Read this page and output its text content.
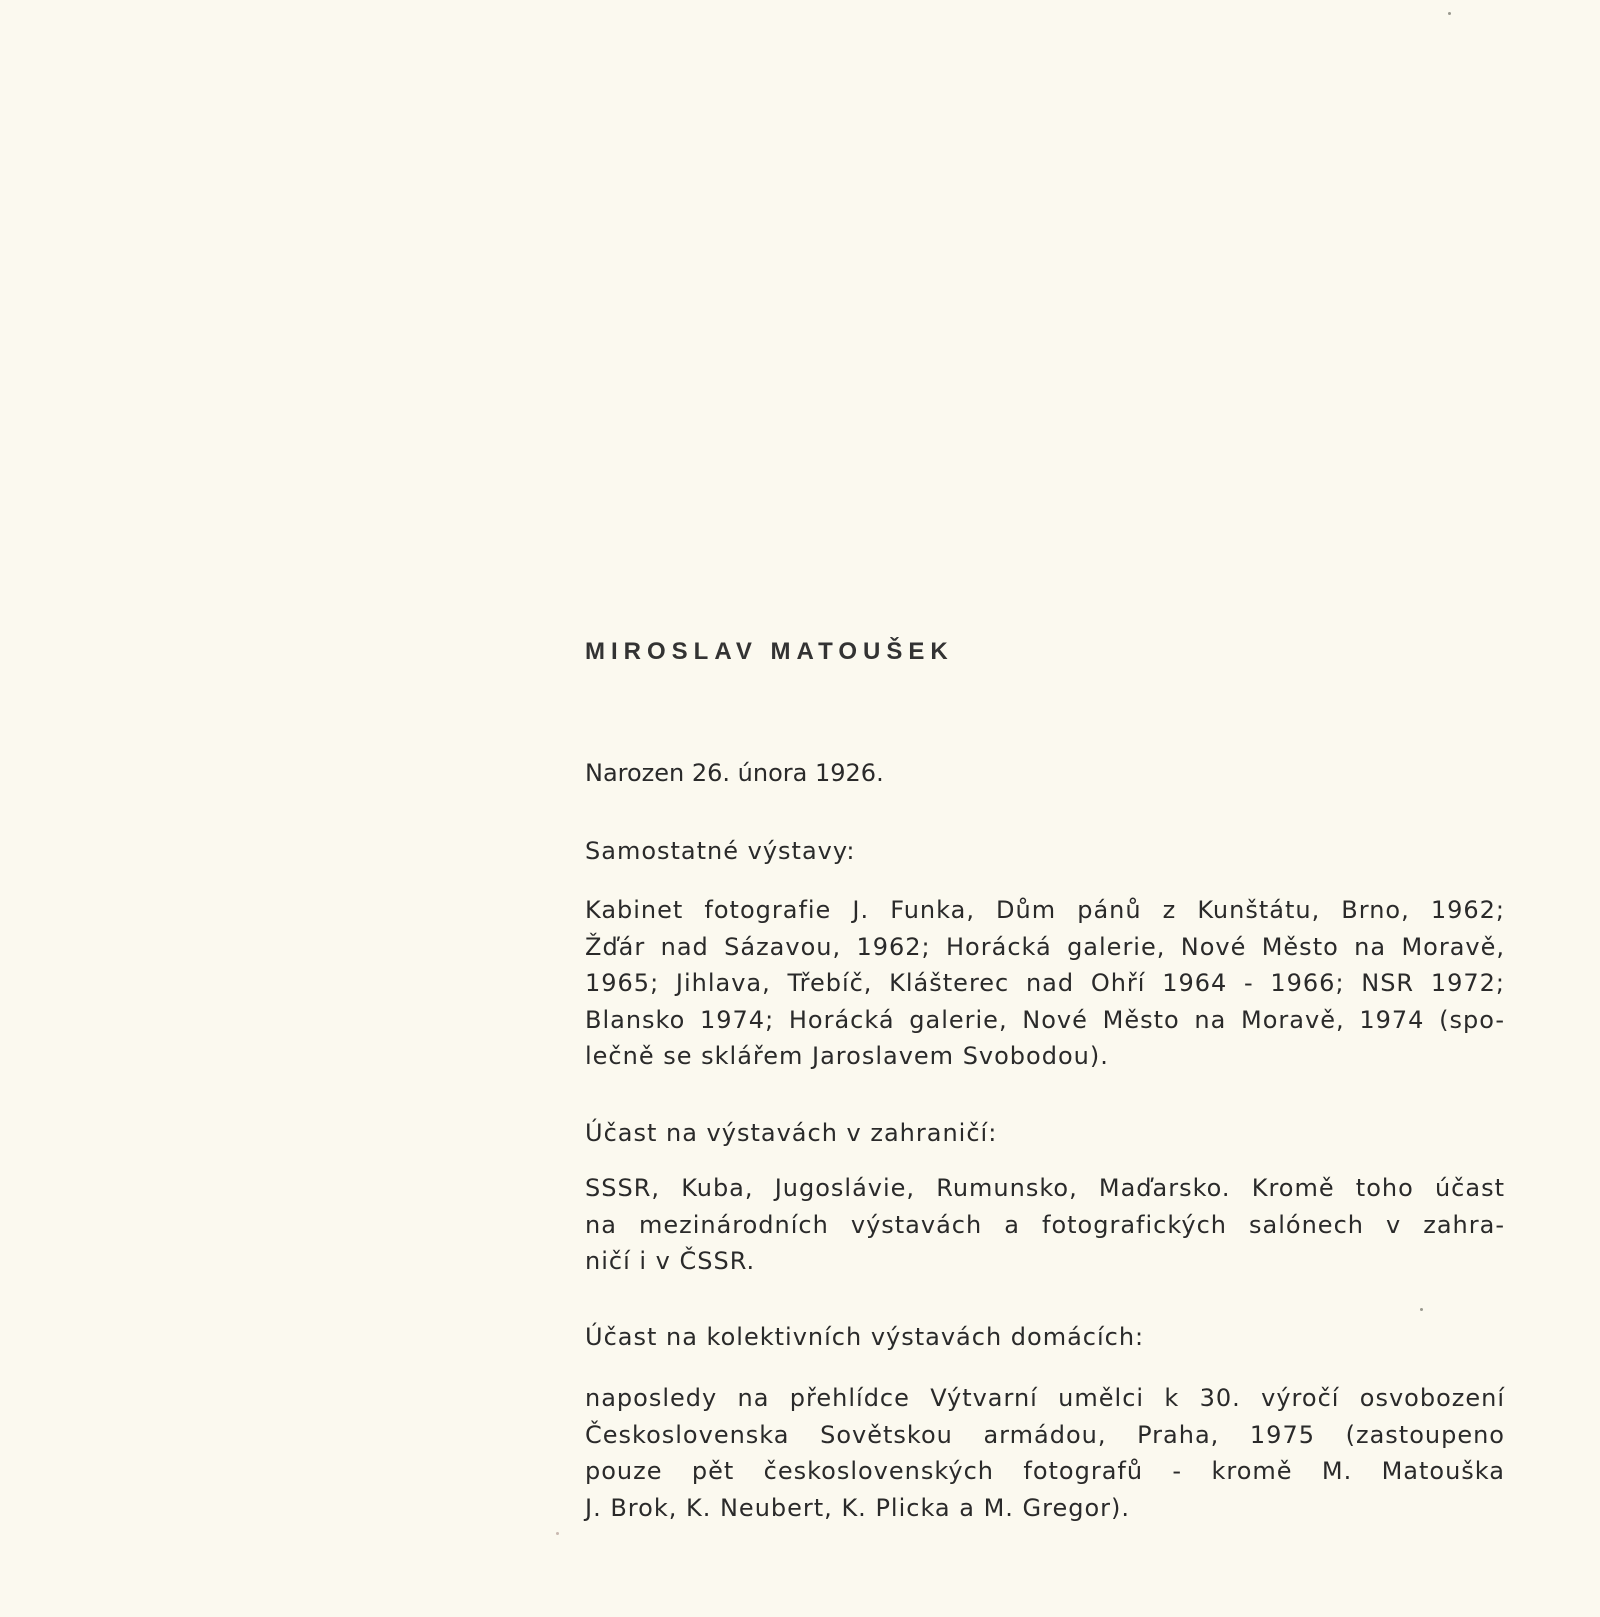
MIROSLAV MATOUŠEK

Narozen 26. února 1926.

Samostatné výstavy:

Kabinet fotografie J. Funka, Dům pánů z Kunštátu, Brno, 1962;
Žďár nad Sázavou, 1962; Horácká galerie, Nové Město na Moravě,
1965; Jihlava, Třebíč, Klášterec nad Ohří 1964 - 1966; NSR 1972;
Blansko 1974; Horácká galerie, Nové Město na Moravě, 1974 (spo-
lečně se sklářem Jaroslavem Svobodou).

Účast na výstavách v zahraničí:

SSSR, Kuba, Jugoslávie, Rumunsko, Maďarsko. Kromě toho účast
na mezinárodních výstavách a fotografických salónech v zahra-
ničí i v ČSSR.

Účast na kolektivních výstavách domácích:

naposledy na přehlídce Výtvarní umělci k 30. výročí osvobození
Československa Sovětskou armádou, Praha, 1975 (zastoupeno
pouze pět československých fotografů - kromě M. Matouška
J. Brok, K. Neubert, K. Plicka a M. Gregor).
